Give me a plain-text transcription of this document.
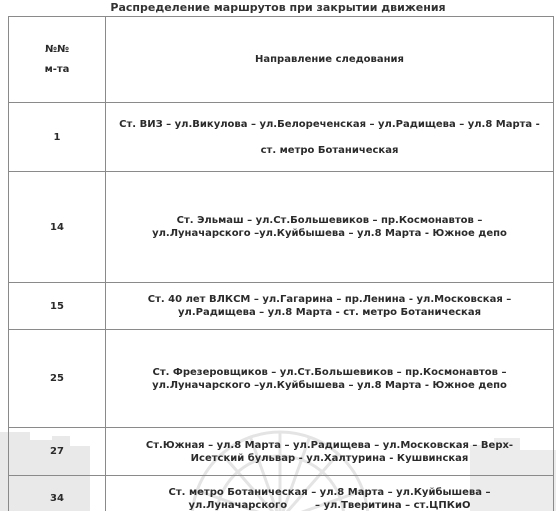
Распределение маршрутов при закрытии движения
№№
м-та	Направление следования
1	Ст. ВИЗ – ул.Викулова – ул.Белореченская – ул.Радищева – ул.8 Марта -
ст. метро Ботаническая
14	Ст. Эльмаш – ул.Ст.Большевиков – пр.Космонавтов –
ул.Луначарского –ул.Куйбышева – ул.8 Марта - Южное депо
15	Ст. 40 лет ВЛКСМ – ул.Гагарина – пр.Ленина - ул.Московская –
ул.Радищева – ул.8 Марта - ст. метро Ботаническая
25	Ст. Фрезеровщиков – ул.Ст.Большевиков – пр.Космонавтов –
ул.Луначарского –ул.Куйбышева – ул.8 Марта - Южное депо
27	Ст.Южная – ул.8 Марта – ул.Радищева – ул.Московская – Верх-
Исетский бульвар - ул.Халтурина - Кушвинская
34	Ст. метро Ботаническая – ул.8 Марта – ул.Куйбышева –
ул.Луначарского        – ул.Тверитина – ст.ЦПКиО
